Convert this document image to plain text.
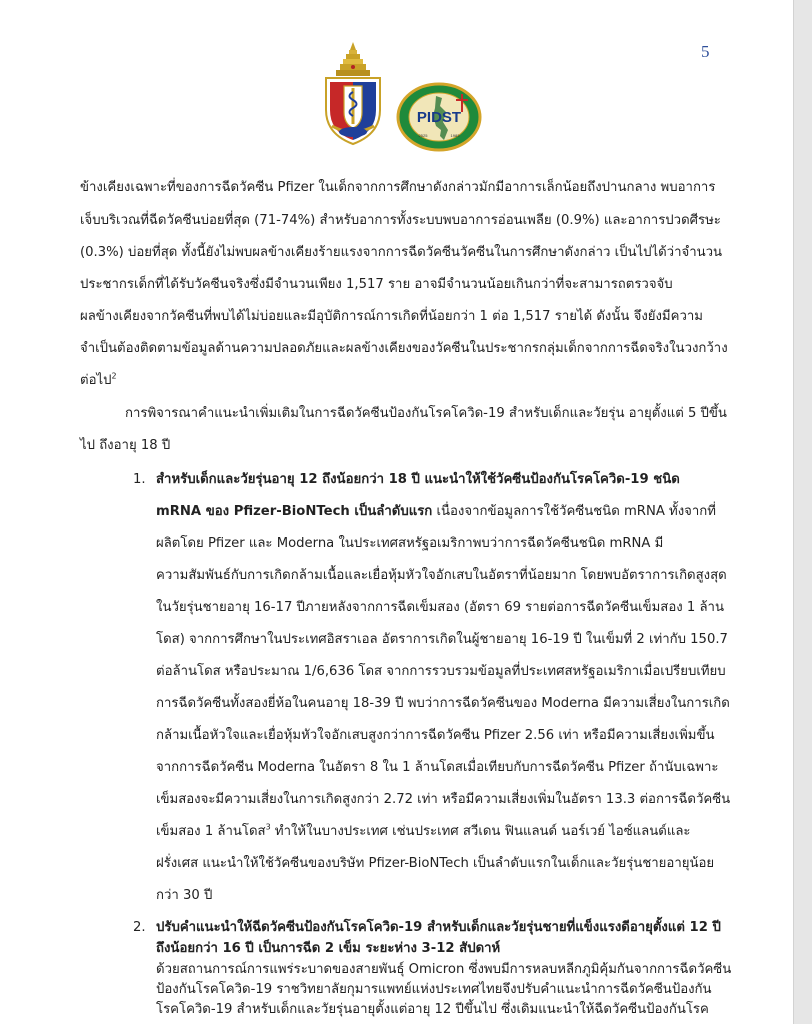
5
PIDST
2525	1983
ข้างเคียงเฉพาะที่ของการฉีดวัคซีน Pfizer ในเด็กจากการศึกษาดังกล่าวมักมีอาการเล็กน้อยถึงปานกลาง พบอาการ
เจ็บบริเวณที่ฉีดวัคซีนบ่อยที่สุด (71-74%) สำหรับอาการทั้งระบบพบอาการอ่อนเพลีย (0.9%) และอาการปวดศีรษะ
(0.3%) บ่อยที่สุด ทั้งนี้ยังไม่พบผลข้างเคียงร้ายแรงจากการฉีดวัคซีนวัคซีนในการศึกษาดังกล่าว เป็นไปได้ว่าจำนวน
ประชากรเด็กที่ได้รับวัคซีนจริงซึ่งมีจำนวนเพียง 1,517 ราย อาจมีจำนวนน้อยเกินกว่าที่จะสามารถตรวจจับ
ผลข้างเคียงจากวัคซีนที่พบได้ไม่บ่อยและมีอุบัติการณ์การเกิดที่น้อยกว่า 1 ต่อ 1,517 รายได้ ดังนั้น จึงยังมีความ
จำเป็นต้องติดตามข้อมูลด้านความปลอดภัยและผลข้างเคียงของวัคซีนในประชากรกลุ่มเด็กจากการฉีดจริงในวงกว้าง
ต่อไป$^2$
การพิจารณาคำแนะนำเพิ่มเติมในการฉีดวัคซีนป้องกันโรคโควิด-19 สำหรับเด็กและวัยรุ่น อายุตั้งแต่ 5 ปีขึ้น
ไป ถึงอายุ 18 ปี
1. สำหรับเด็กและวัยรุ่นอายุ 12 ถึงน้อยกว่า 18 ปี แนะนำให้ใช้วัคซีนป้องกันโรคโควิด-19 ชนิด
mRNA ของ Pfizer-BioNTech เป็นลำดับแรก เนื่องจากข้อมูลการใช้วัคซีนชนิด mRNA ทั้งจากที่
ผลิตโดย Pfizer และ Moderna ในประเทศสหรัฐอเมริกาพบว่าการฉีดวัคซีนชนิด mRNA มี
ความสัมพันธ์กับการเกิดกล้ามเนื้อและเยื่อหุ้มหัวใจอักเสบในอัตราที่น้อยมาก โดยพบอัตราการเกิดสูงสุด
ในวัยรุ่นชายอายุ 16-17 ปีภายหลังจากการฉีดเข็มสอง (อัตรา 69 รายต่อการฉีดวัคซีนเข็มสอง 1 ล้าน
โดส) จากการศึกษาในประเทศอิสราเอล อัตราการเกิดในผู้ชายอายุ 16-19 ปี ในเข็มที่ 2 เท่ากับ 150.7
ต่อล้านโดส หรือประมาณ 1/6,636 โดส จากการรวบรวมข้อมูลที่ประเทศสหรัฐอเมริกาเมื่อเปรียบเทียบ
การฉีดวัคซีนทั้งสองยี่ห้อในคนอายุ 18-39 ปี พบว่าการฉีดวัคซีนของ Moderna มีความเสี่ยงในการเกิด
กล้ามเนื้อหัวใจและเยื่อหุ้มหัวใจอักเสบสูงกว่าการฉีดวัคซีน Pfizer 2.56 เท่า หรือมีความเสี่ยงเพิ่มขึ้น
จากการฉีดวัคซีน Moderna ในอัตรา 8 ใน 1 ล้านโดสเมื่อเทียบกับการฉีดวัคซีน Pfizer ถ้านับเฉพาะ
เข็มสองจะมีความเสี่ยงในการเกิดสูงกว่า 2.72 เท่า หรือมีความเสี่ยงเพิ่มในอัตรา 13.3 ต่อการฉีดวัคซีน
เข็มสอง 1 ล้านโดส$^3$ ทำให้ในบางประเทศ เช่นประเทศ สวีเดน ฟินแลนด์ นอร์เวย์ ไอซ์แลนด์และ
ฝรั่งเศส แนะนำให้ใช้วัคซีนของบริษัท Pfizer-BioNTech เป็นลำดับแรกในเด็กและวัยรุ่นชายอายุน้อย
กว่า 30 ปี
2. ปรับคำแนะนำให้ฉีดวัคซีนป้องกันโรคโควิด-19 สำหรับเด็กและวัยรุ่นชายที่แข็งแรงดีอายุตั้งแต่ 12 ปี
ถึงน้อยกว่า 16 ปี เป็นการฉีด 2 เข็ม ระยะห่าง 3-12 สัปดาห์
ด้วยสถานการณ์การแพร่ระบาดของสายพันธุ์ Omicron ซึ่งพบมีการหลบหลีกภูมิคุ้มกันจากการฉีดวัคซีน
ป้องกันโรคโควิด-19 ราชวิทยาลัยกุมารแพทย์แห่งประเทศไทยจึงปรับคำแนะนำการฉีดวัคซีนป้องกัน
โรคโควิด-19 สำหรับเด็กและวัยรุ่นอายุตั้งแต่อายุ 12 ปีขึ้นไป ซึ่งเดิมแนะนำให้ฉีดวัคซีนป้องกันโรค
